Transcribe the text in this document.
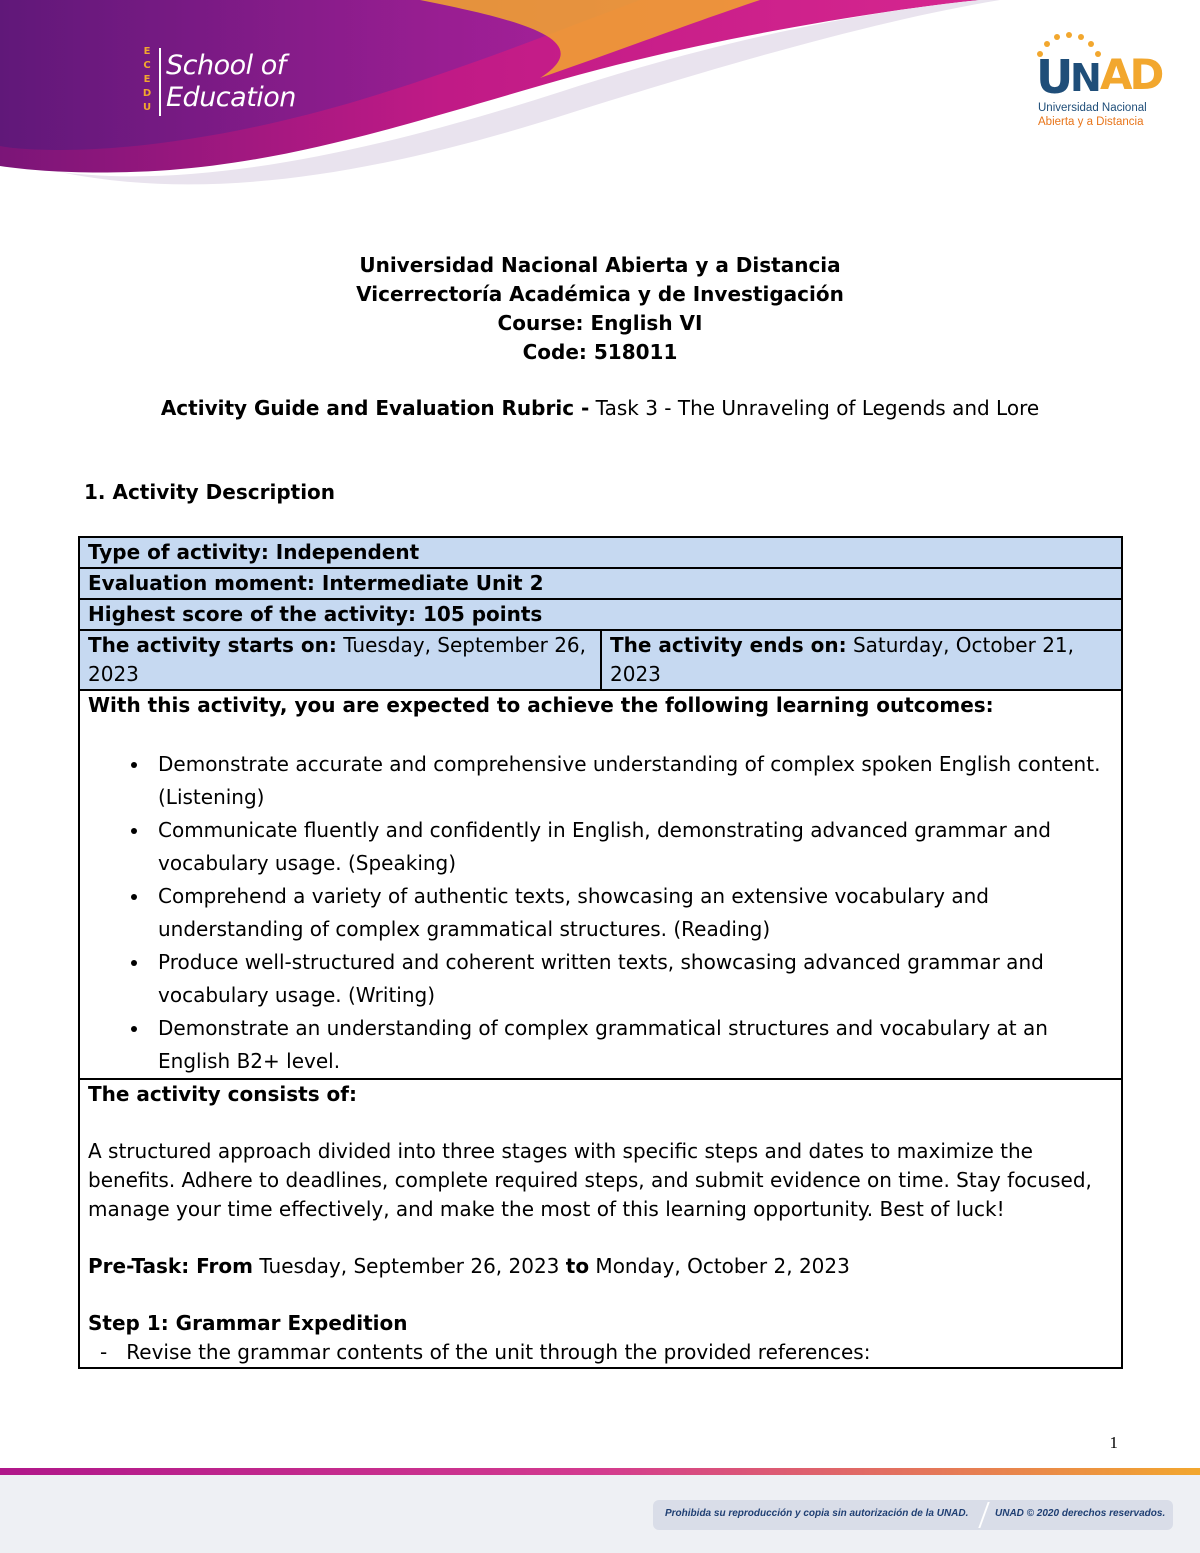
E
C
E
D
U
School of
Education	U
N AD
Universidad Nacional
Abierta y a Distancia
Universidad Nacional Abierta y a Distancia
Vicerrectoría Académica y de Investigación
Course: English VI
Code: 518011
Activity Guide and Evaluation Rubric - Task 3 - The Unraveling of Legends and Lore
1. Activity Description
Type of activity: Independent
Evaluation moment: Intermediate Unit 2
Highest score of the activity: 105 points
The activity starts on: Tuesday, September 26, 2023	The activity ends on: Saturday, October 21, 2023

With this activity, you are expected to achieve the following learning outcomes:
• Demonstrate accurate and comprehensive understanding of complex spoken English content. (Listening)
• Communicate fluently and confidently in English, demonstrating advanced grammar and vocabulary usage. (Speaking)
• Comprehend a variety of authentic texts, showcasing an extensive vocabulary and understanding of complex grammatical structures. (Reading)
• Produce well-structured and coherent written texts, showcasing advanced grammar and vocabulary usage. (Writing)
• Demonstrate an understanding of complex grammatical structures and vocabulary at an English B2+ level.

The activity consists of:
A structured approach divided into three stages with specific steps and dates to maximize the benefits. Adhere to deadlines, complete required steps, and submit evidence on time. Stay focused, manage your time effectively, and make the most of this learning opportunity. Best of luck!
Pre-Task: From Tuesday, September 26, 2023 to Monday, October 2, 2023
Step 1: Grammar Expedition
- Revise the grammar contents of the unit through the provided references:
1
Prohibida su reproducción y copia sin autorización de la UNAD.	UNAD © 2020 derechos reservados.
